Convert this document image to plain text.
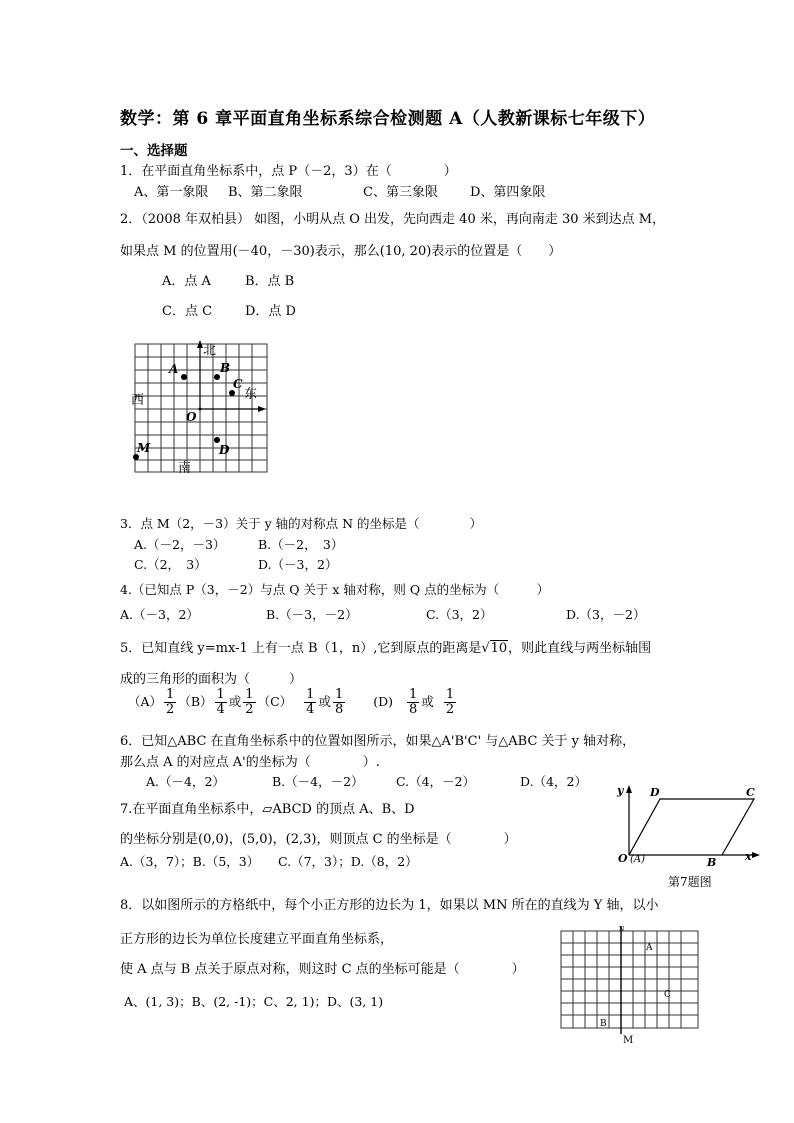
数学：第 6 章平面直角坐标系综合检测题 A（人教新课标七年级下）
一、选择题
1．在平面直角坐标系中，点 P（－2，3）在（　　　　）
A、第一象限 B、第二象限	C、第三象限 D、第四象限
2．（2008 年双柏县） 如图，小明从点 O 出发，先向西走 40 米，再向南走 30 米到达点 M，
如果点 M 的位置用(－40，－30)表示，那么(10, 20)表示的位置是（　　）
A．点 A	B．点 B
C．点 C	D．点 D
北
南
西	东
A	B
C
O
M	D
3．点 M（2，－3）关于 y 轴的对称点 N 的坐标是（　　　　）
A.（－2，－3）	B.（－2，　3）
C.（2，　3）	D.（－3，2）
4.（已知点 P（3，－2）与点 Q 关于 x 轴对称，则 Q 点的坐标为（　　　）
A.（－3，2）	B.（－3，－2）	C.（3，2）	D.（3，－2）
5．已知直线 y=mx-1 上有一点 B（1，n）,它到原点的距离是√10，则此直线与两坐标轴围
成的三角形的面积为（　　　）
$(A) \frac{1}{2} (B) \frac{1}{4}$ 或 $\frac{1}{2} (C) \frac{1}{4}$ 或 $\frac{1}{8} (D) \frac{1}{8}$ 或 $\frac{1}{2}$
6．已知△ABC 在直角坐标系中的位置如图所示，如果△A'B'C' 与△ABC 关于 y 轴对称，
那么点 A 的对应点 A'的坐标为（　　　　）.
A.（－4，2）	B.（－4，－2）	C.（4，－2）	D.（4，2）
7.在平面直角坐标系中，▱ABCD 的顶点 A、B、D
的坐标分别是(0,0)，(5,0)，(2,3)，则顶点 C 的坐标是（　　　　）
A.（3，7）；B.（5，3）　　C.（7，3）；D.（8，2）
y
x
D	C
O (A)	B
第7题图
8．以如图所示的方格纸中，每个小正方形的边长为 1，如果以 MN 所在的直线为 Y 轴，以小
正方形的边长为单位长度建立平面直角坐标系，
使 A 点与 B 点关于原点对称，则这时 C 点的坐标可能是（　　　　）
A、(1, 3)；B、(2, -1)；C、2, 1)；D、(3, 1)
N
A
C
B
M
